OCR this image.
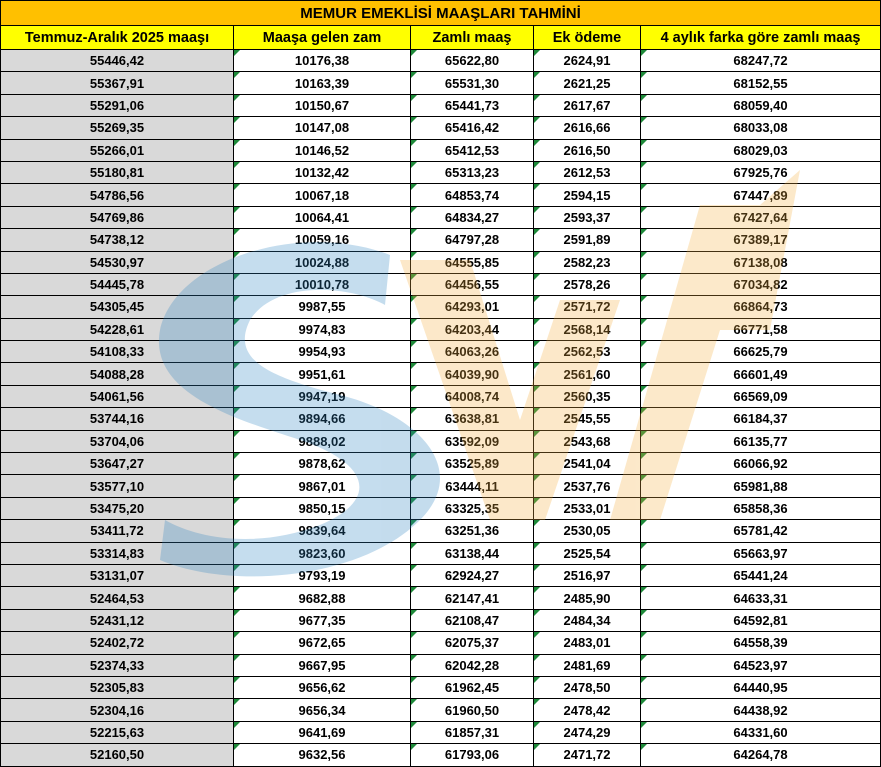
MEMUR EMEKLİSİ MAAŞLARI TAHMİNİ				
Temmuz-Aralık 2025 maaşı	Maaşa gelen zam	Zamlı maaş	Ek ödeme	4 aylık farka göre zamlı maaş
55446,42	10176,38	65622,80	2624,91	68247,72
55367,91	10163,39	65531,30	2621,25	68152,55
55291,06	10150,67	65441,73	2617,67	68059,40
55269,35	10147,08	65416,42	2616,66	68033,08
55266,01	10146,52	65412,53	2616,50	68029,03
55180,81	10132,42	65313,23	2612,53	67925,76
54786,56	10067,18	64853,74	2594,15	67447,89
54769,86	10064,41	64834,27	2593,37	67427,64
54738,12	10059,16	64797,28	2591,89	67389,17
54530,97	10024,88	64555,85	2582,23	67138,08
54445,78	10010,78	64456,55	2578,26	67034,82
54305,45	9987,55	64293,01	2571,72	66864,73
54228,61	9974,83	64203,44	2568,14	66771,58
54108,33	9954,93	64063,26	2562,53	66625,79
54088,28	9951,61	64039,90	2561,60	66601,49
54061,56	9947,19	64008,74	2560,35	66569,09
53744,16	9894,66	63638,81	2545,55	66184,37
53704,06	9888,02	63592,09	2543,68	66135,77
53647,27	9878,62	63525,89	2541,04	66066,92
53577,10	9867,01	63444,11	2537,76	65981,88
53475,20	9850,15	63325,35	2533,01	65858,36
53411,72	9839,64	63251,36	2530,05	65781,42
53314,83	9823,60	63138,44	2525,54	65663,97
53131,07	9793,19	62924,27	2516,97	65441,24
52464,53	9682,88	62147,41	2485,90	64633,31
52431,12	9677,35	62108,47	2484,34	64592,81
52402,72	9672,65	62075,37	2483,01	64558,39
52374,33	9667,95	62042,28	2481,69	64523,97
52305,83	9656,62	61962,45	2478,50	64440,95
52304,16	9656,34	61960,50	2478,42	64438,92
52215,63	9641,69	61857,31	2474,29	64331,60
52160,50	9632,56	61793,06	2471,72	64264,78
